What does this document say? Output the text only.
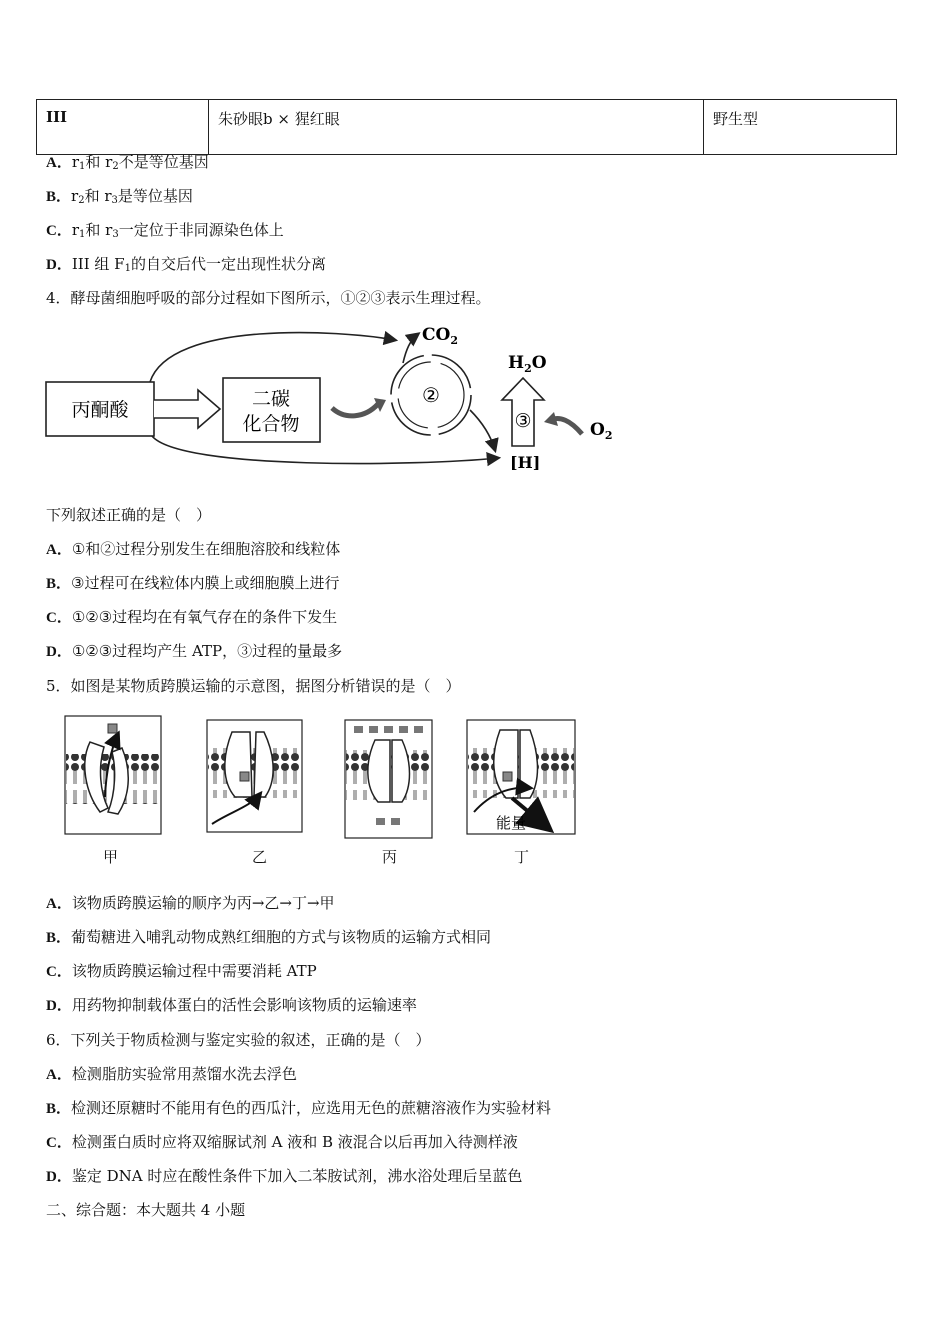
III	朱砂眼b × 猩红眼	野生型
A．$r_1$和 $r_2$不是等位基因
B．$r_2$和 $r_3$是等位基因
C．$r_1$和 $r_3$一定位于非同源染色体上
D．III 组 $F_1$的自交后代一定出现性状分离
4．酵母菌细胞呼吸的部分过程如下图所示，①②③表示生理过程。
丙酮酸	二碳
化合物
②
$CO_2$
$H_2O$
③
[H]
$O_2$
下列叙述正确的是（　）
A．①和②过程分别发生在细胞溶胶和线粒体
B．③过程可在线粒体内膜上或细胞膜上进行
C．①②③过程均在有氧气存在的条件下发生
D．①②③过程均产生 ATP，③过程的量最多
5．如图是某物质跨膜运输的示意图，据图分析错误的是（　）
能量
甲	乙	丙	丁
A．该物质跨膜运输的顺序为丙→乙→丁→甲
B．葡萄糖进入哺乳动物成熟红细胞的方式与该物质的运输方式相同
C．该物质跨膜运输过程中需要消耗 ATP
D．用药物抑制载体蛋白的活性会影响该物质的运输速率
6．下列关于物质检测与鉴定实验的叙述，正确的是（　）
A．检测脂肪实验常用蒸馏水洗去浮色
B．检测还原糖时不能用有色的西瓜汁，应选用无色的蔗糖溶液作为实验材料
C．检测蛋白质时应将双缩脲试剂 A 液和 B 液混合以后再加入待测样液
D．鉴定 DNA 时应在酸性条件下加入二苯胺试剂，沸水浴处理后呈蓝色
二、综合题：本大题共 4 小题
